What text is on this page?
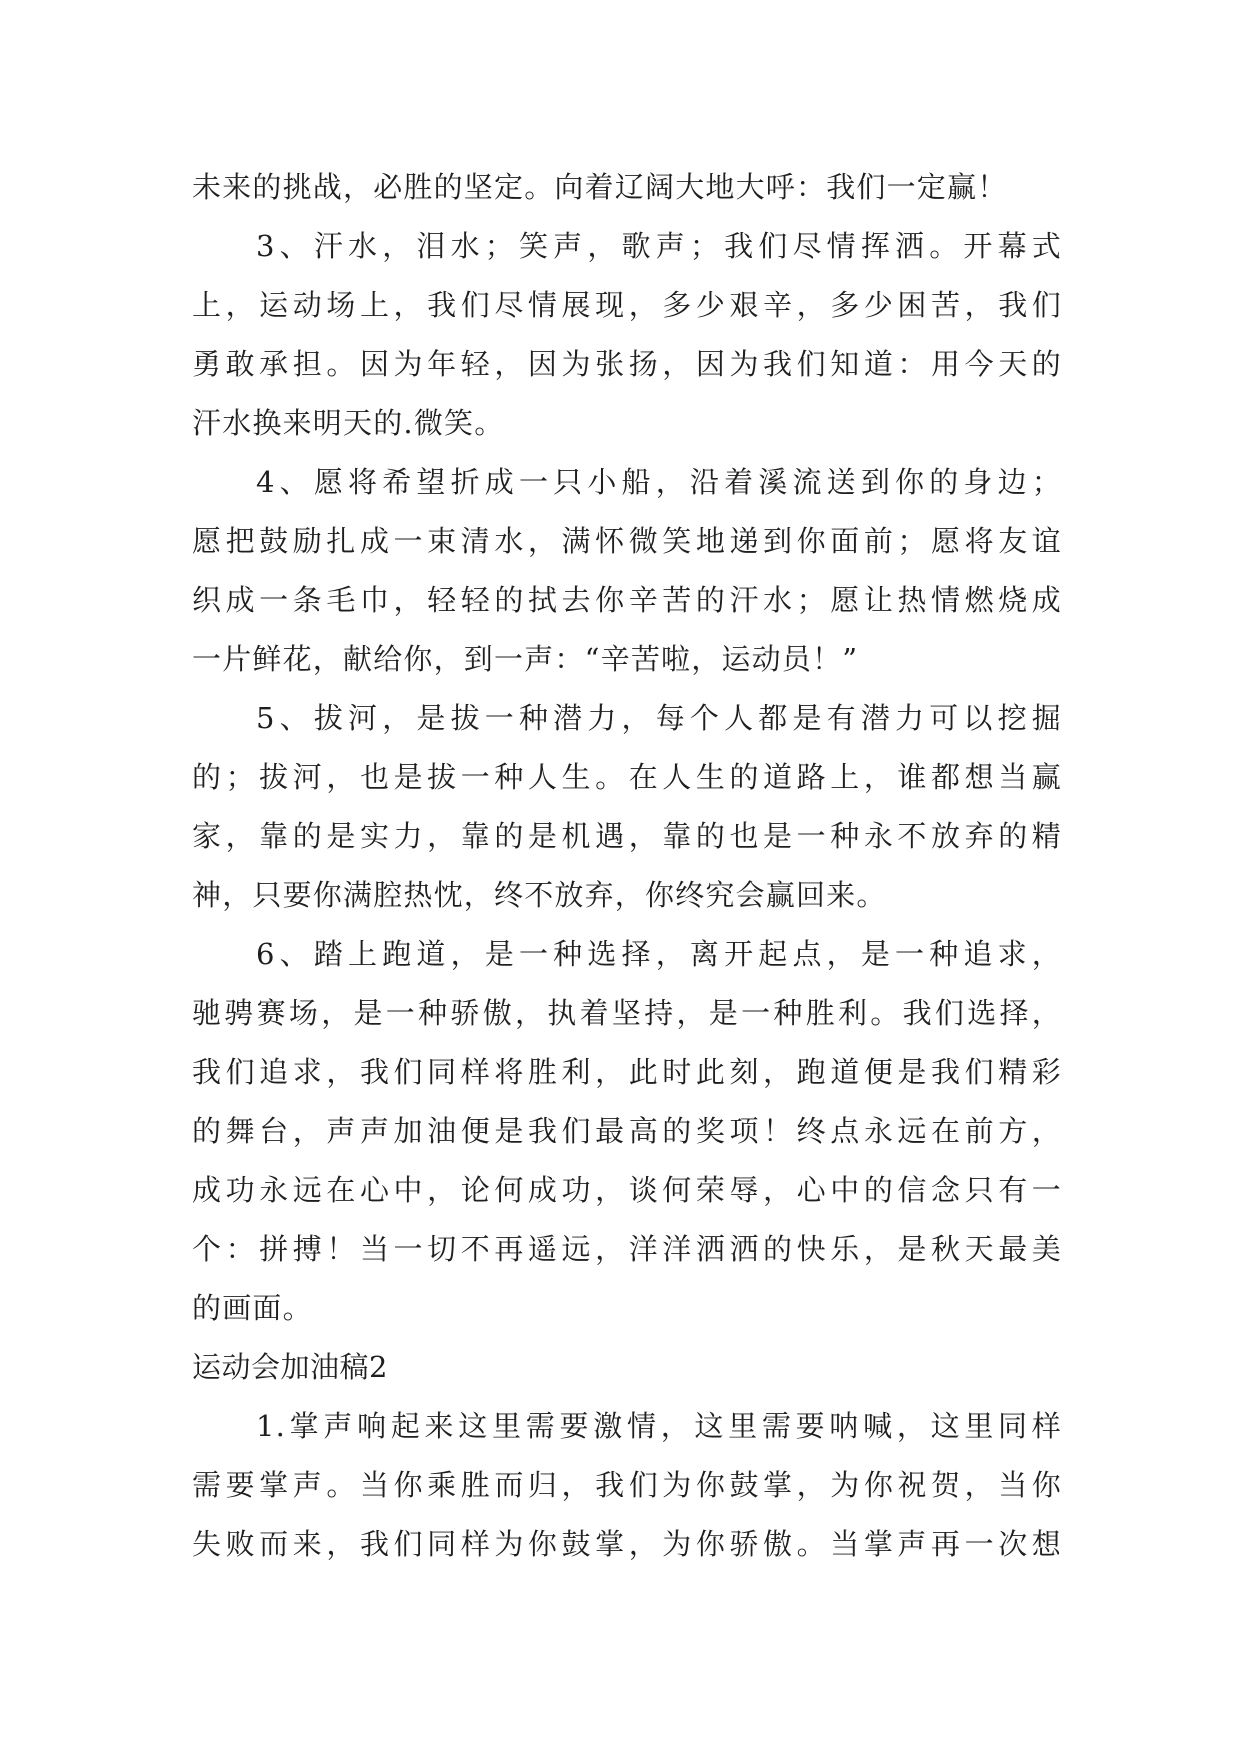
未来的挑战，必胜的坚定。向着辽阔大地大呼：我们一定赢！
3、汗水，泪水；笑声，歌声；我们尽情挥洒。开幕式
上，运动场上，我们尽情展现，多少艰辛，多少困苦，我们
勇敢承担。因为年轻，因为张扬，因为我们知道：用今天的
汗水换来明天的.微笑。
4、愿将希望折成一只小船，沿着溪流送到你的身边；
愿把鼓励扎成一束清水，满怀微笑地递到你面前；愿将友谊
织成一条毛巾，轻轻的拭去你辛苦的汗水；愿让热情燃烧成
一片鲜花，献给你，到一声：“辛苦啦，运动员！”
5、拔河，是拔一种潜力，每个人都是有潜力可以挖掘
的；拔河，也是拔一种人生。在人生的道路上，谁都想当赢
家，靠的是实力，靠的是机遇，靠的也是一种永不放弃的精
神，只要你满腔热忱，终不放弃，你终究会赢回来。
6、踏上跑道，是一种选择，离开起点，是一种追求，
驰骋赛场，是一种骄傲，执着坚持，是一种胜利。我们选择，
我们追求，我们同样将胜利，此时此刻，跑道便是我们精彩
的舞台，声声加油便是我们最高的奖项！终点永远在前方，
成功永远在心中，论何成功，谈何荣辱，心中的信念只有一
个：拼搏！当一切不再遥远，洋洋洒洒的快乐，是秋天最美
的画面。
运动会加油稿2
1.掌声响起来这里需要激情，这里需要呐喊，这里同样
需要掌声。当你乘胜而归，我们为你鼓掌，为你祝贺，当你
失败而来，我们同样为你鼓掌，为你骄傲。当掌声再一次想
